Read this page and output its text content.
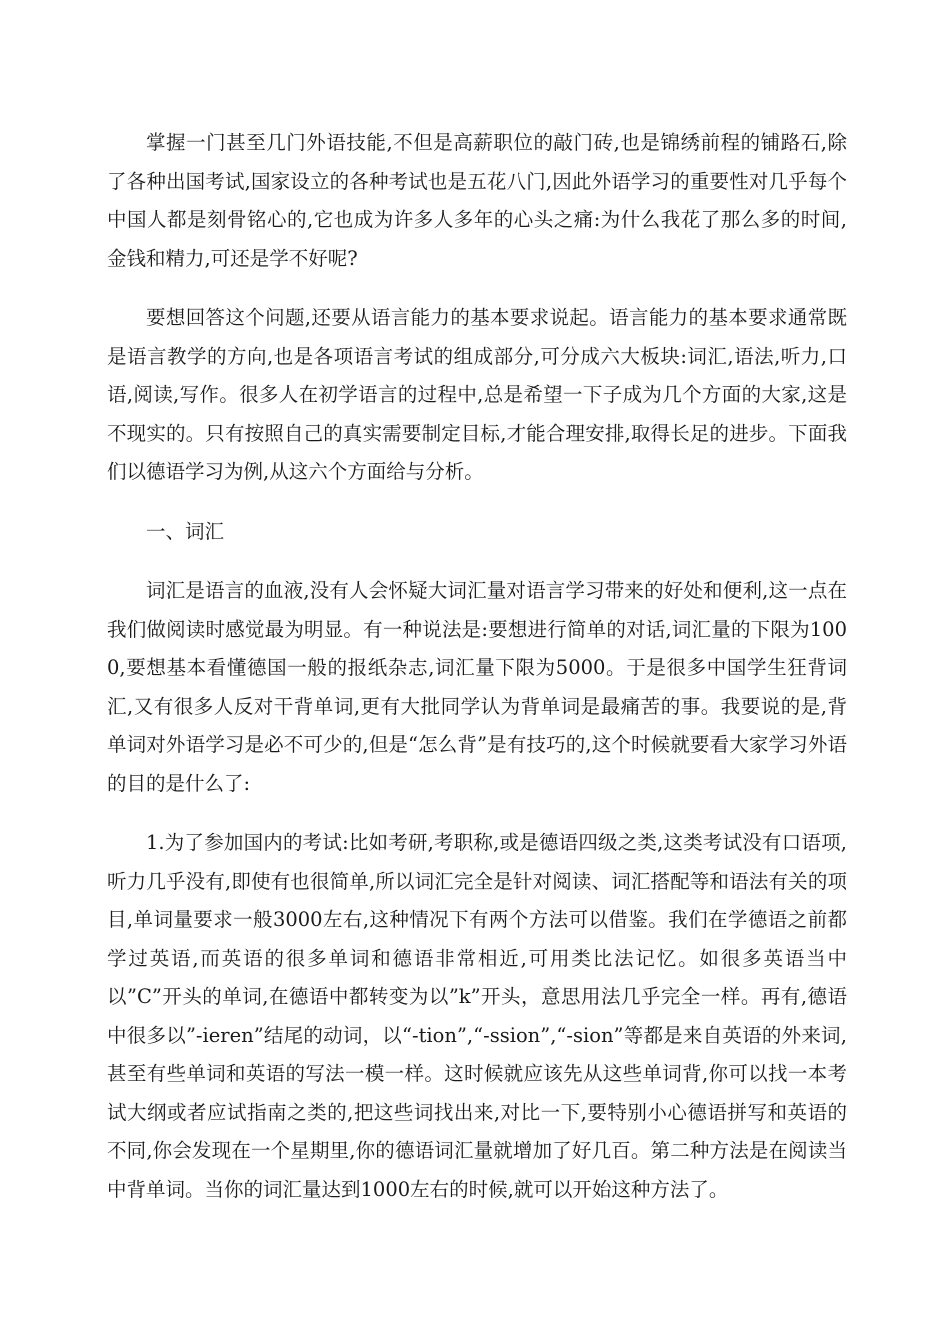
掌握一门甚至几门外语技能,不但是高薪职位的敲门砖,也是锦绣前程的铺路石,除了各种出国考试,国家设立的各种考试也是五花八门,因此外语学习的重要性对几乎每个中国人都是刻骨铭心的,它也成为许多人多年的心头之痛:为什么我花了那么多的时间,金钱和精力,可还是学不好呢?

要想回答这个问题,还要从语言能力的基本要求说起。语言能力的基本要求通常既是语言教学的方向,也是各项语言考试的组成部分,可分成六大板块:词汇,语法,听力,口语,阅读,写作。很多人在初学语言的过程中,总是希望一下子成为几个方面的大家,这是不现实的。只有按照自己的真实需要制定目标,才能合理安排,取得长足的进步。下面我们以德语学习为例,从这六个方面给与分析。

一、词汇

词汇是语言的血液,没有人会怀疑大词汇量对语言学习带来的好处和便利,这一点在我们做阅读时感觉最为明显。有一种说法是:要想进行简单的对话,词汇量的下限为1000,要想基本看懂德国一般的报纸杂志,词汇量下限为5000。于是很多中国学生狂背词汇,又有很多人反对干背单词,更有大批同学认为背单词是最痛苦的事。我要说的是,背单词对外语学习是必不可少的,但是“怎么背”是有技巧的,这个时候就要看大家学习外语的目的是什么了:

1.为了参加国内的考试:比如考研,考职称,或是德语四级之类,这类考试没有口语项,听力几乎没有,即使有也很简单,所以词汇完全是针对阅读、词汇搭配等和语法有关的项目,单词量要求一般3000左右,这种情况下有两个方法可以借鉴。我们在学德语之前都学过英语,而英语的很多单词和德语非常相近,可用类比法记忆。如很多英语当中以”C”开头的单词,在德语中都转变为以”k”开头，意思用法几乎完全一样。再有,德语中很多以”-ieren”结尾的动词，以“-tion”,“-ssion”,“-sion”等都是来自英语的外来词,甚至有些单词和英语的写法一模一样。这时候就应该先从这些单词背,你可以找一本考试大纲或者应试指南之类的,把这些词找出来,对比一下,要特别小心德语拼写和英语的不同,你会发现在一个星期里,你的德语词汇量就增加了好几百。第二种方法是在阅读当中背单词。当你的词汇量达到1000左右的时候,就可以开始这种方法了。
